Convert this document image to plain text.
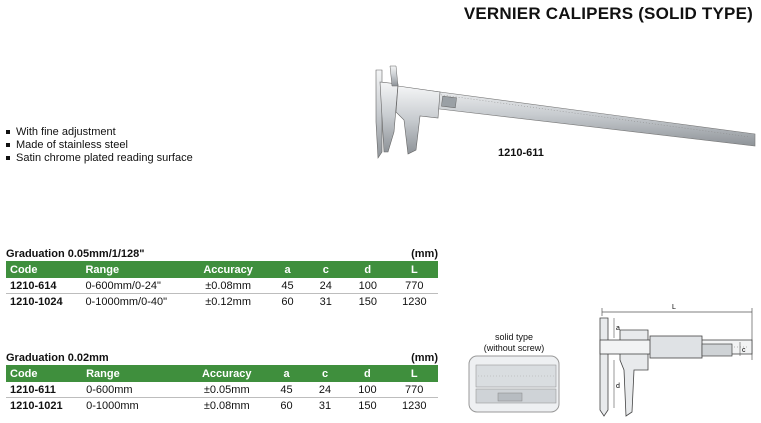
VERNIER CALIPERS (SOLID TYPE)
1210-611
With fine adjustment
Made of stainless steel
Satin chrome plated reading surface
Graduation 0.05mm/1/128"	(mm)
Code	Range	Accuracy	a	c	d	L
1210-614	0-600mm/0-24"	±0.08mm	45	24	100	770
1210-1024	0-1000mm/0-40"	±0.12mm	60	31	150	1230
Graduation 0.02mm	(mm)
Code	Range	Accuracy	a	c	d	L
1210-611	0-600mm	±0.05mm	45	24	100	770
1210-1021	0-1000mm	±0.08mm	60	31	150	1230
solid type
(without screw)
L
a
c
d
